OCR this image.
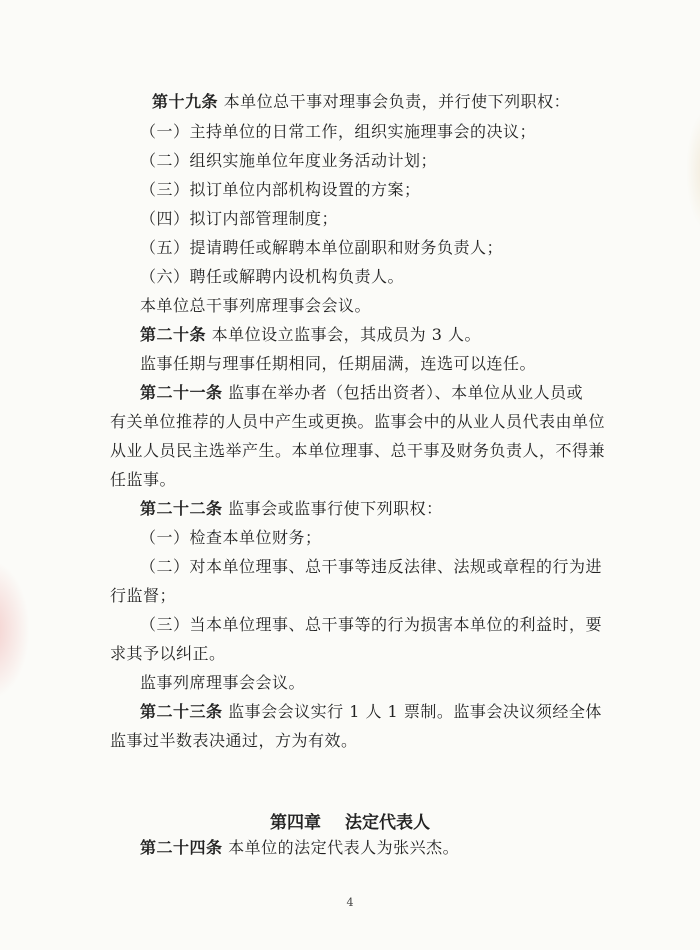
第十九条 本单位总干事对理事会负责，并行使下列职权：
（一）主持单位的日常工作，组织实施理事会的决议；
（二）组织实施单位年度业务活动计划；
（三）拟订单位内部机构设置的方案；
（四）拟订内部管理制度；
（五）提请聘任或解聘本单位副职和财务负责人；
（六）聘任或解聘内设机构负责人。
本单位总干事列席理事会会议。
第二十条 本单位设立监事会，其成员为 3 人。
监事任期与理事任期相同，任期届满，连选可以连任。
第二十一条 监事在举办者（包括出资者）、本单位从业人员或
有关单位推荐的人员中产生或更换。监事会中的从业人员代表由单位
从业人员民主选举产生。本单位理事、总干事及财务负责人，不得兼
任监事。
第二十二条 监事会或监事行使下列职权：
（一）检查本单位财务；
（二）对本单位理事、总干事等违反法律、法规或章程的行为进
行监督；
（三）当本单位理事、总干事等的行为损害本单位的利益时，要
求其予以纠正。
监事列席理事会会议。
第二十三条 监事会会议实行 1 人 1 票制。监事会决议须经全体
监事过半数表决通过，方为有效。
第四章 法定代表人
第二十四条 本单位的法定代表人为张兴杰。
4
